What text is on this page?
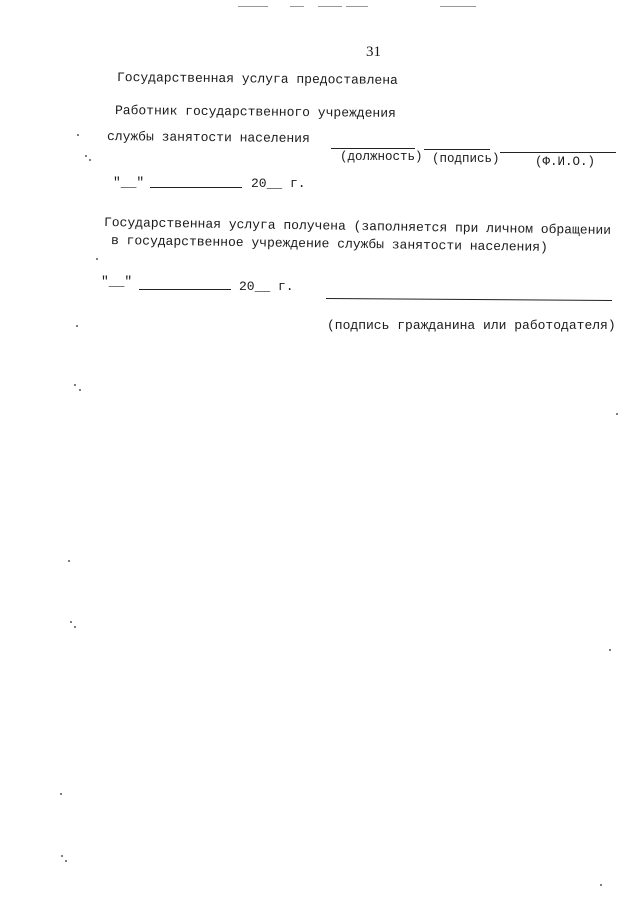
31
Государственная услуга предоставлена
Работник государственного учреждения
службы занятости населения
(должность) (подпись)	(Ф.И.О.)
"__"	20__ г.
Государственная услуга получена (заполняется при личном обращении
в государственное учреждение службы занятости населения)
"__"	20__ г.
(подпись гражданина или работодателя)
